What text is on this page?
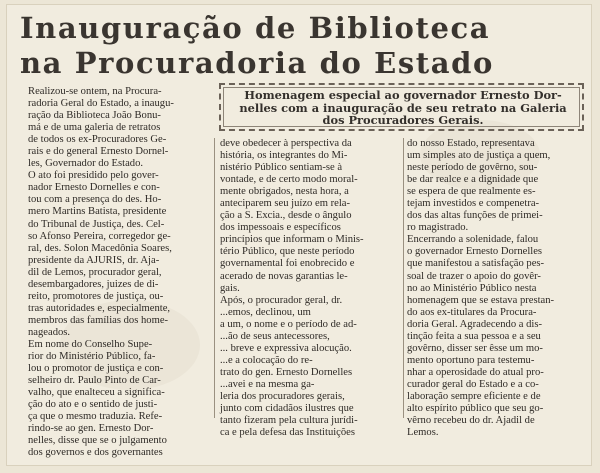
Inauguração de Biblioteca
na Procuradoria do Estado

Homenagem especial ao governador Ernesto Dor-
nelles com a inauguração de seu retrato na Galeria
dos Procuradores Gerais.

Realizou-se ontem, na Procura-
radoria Geral do Estado, a inaugu-
ração da Biblioteca João Bonu-
má e de uma galeria de retratos
de todos os ex-Procuradores Ge-
rais e do general Ernesto Dornel-
les, Governador do Estado.
O ato foi presidido pelo gover-
nador Ernesto Dornelles e con-
tou com a presença do des. Ho-
mero Martins Batista, presidente
do Tribunal de Justiça, des. Cel-
so Afonso Pereira, corregedor ge-
ral, des. Solon Macedônia Soares,
presidente da AJURIS, dr. Aja-
dil de Lemos, procurador geral,
desembargadores, juizes de di-
reito, promotores de justiça, ou-
tras autoridades e, especialmente,
membros das famílias dos home-
nageados.
Em nome do Conselho Supe-
rior do Ministério Público, fa-
lou o promotor de justiça e con-
selheiro dr. Paulo Pinto de Car-
valho, que enalteceu a significa-
ção do ato e o sentido de justi-
ça que o mesmo traduzia. Refe-
rindo-se ao gen. Ernesto Dor-
nelles, disse que se o julgamento
dos governos e dos governantes

deve obedecer à perspectiva da
história, os integrantes do Mi-
nistério Público sentiam-se à
vontade, e de certo modo moral-
mente obrigados, nesta hora, a
anteciparem seu juízo em rela-
ção a S. Excia., desde o ângulo
dos impessoais e específicos
princípios que informam o Minis-
tério Público, que neste período
governamental foi enobrecido e
acerado de novas garantias le-
gais.
Após, o procurador geral, dr.
...emos, declinou, um
a um, o nome e o período de ad-
...ão de seus antecessores,
... breve e expressiva alocução.
...e a colocação do re-
trato do gen. Ernesto Dornelles
...avei e na mesma ga-
leria dos procuradores gerais,
junto com cidadãos ilustres que
tanto fizeram pela cultura jurídi-
ca e pela defesa das Instituições

do nosso Estado, representava
um simples ato de justiça a quem,
neste período de govêrno, sou-
be dar realce e a dignidade que
se espera de que realmente es-
tejam investidos e compenetra-
dos das altas funções de primei-
ro magistrado.
Encerrando a solenidade, falou
o governador Ernesto Dornelles
que manifestou a satisfação pes-
soal de trazer o apoio do govêr-
no ao Ministério Público nesta
homenagem que se estava prestan-
do aos ex-titulares da Procura-
doria Geral. Agradecendo a dis-
tinção feita a sua pessoa e a seu
govêrno, disser ser êsse um mo-
mento oportuno para testemu-
nhar a operosidade do atual pro-
curador geral do Estado e a co-
laboração sempre eficiente e de
alto espírito público que seu go-
vêrno recebeu do dr. Ajadil de
Lemos.
